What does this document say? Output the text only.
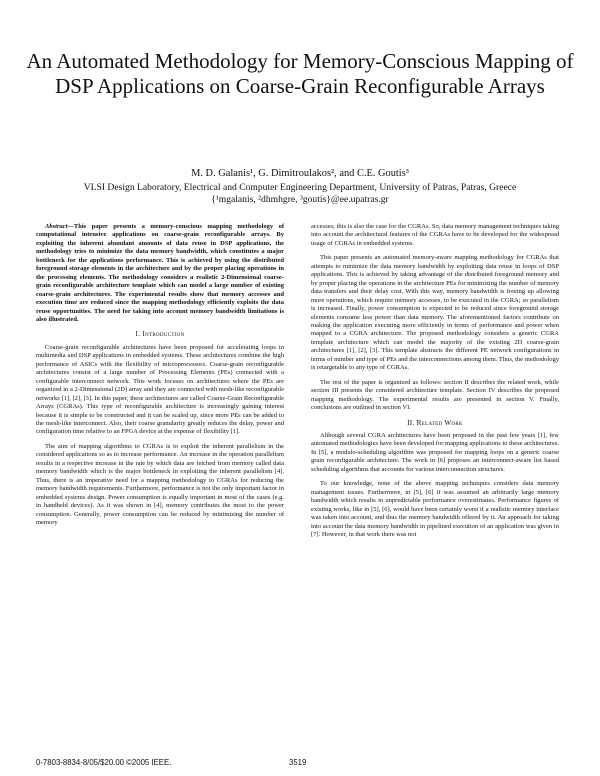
An Automated Methodology for Memory-Conscious Mapping of DSP Applications on Coarse-Grain Reconfigurable Arrays
M. D. Galanis¹, G. Dimitroulakos², and C.E. Goutis³
VLSI Design Laboratory, Electrical and Computer Engineering Department, University of Patras, Patras, Greece
{¹mgalanis, ²dhmhgre, ³goutis}@ee.upatras.gr

Abstract—This paper presents a memory-conscious mapping methodology of computational intensive applications on coarse-grain reconfigurable arrays. By exploiting the inherent abundant amounts of data reuse in DSP applications, the methodology tries to minimize the data memory bandwidth, which constitutes a major bottleneck for the applications performance. This is achieved by using the distributed foreground storage elements in the architecture and by the proper placing operations in the processing elements. The methodology considers a realistic 2-Dimensional coarse-grain reconfigurable architecture template which can model a large number of existing coarse-grain architectures. The experimental results show that memory accesses and execution time are reduced since the mapping methodology efficiently exploits the data reuse opportunities. The need for taking into account memory bandwidth limitations is also illustrated.

I. Introduction

Coarse-grain reconfigurable architectures have been proposed for accelerating loops in multimedia and DSP applications in embedded systems. These architectures combine the high performance of ASICs with the flexibility of microprocessors. Coarse-grain reconfigurable architectures consist of a large number of Processing Elements (PEs) connected with a configurable interconnect network. This work focuses on architectures where the PEs are organized in a 2-Dimensional (2D) array and they are connected with mesh-like reconfigurable networks [1], [2], [3]. In this paper, these architectures are called Coarse-Grain Reconfigurable Arrays (CGRAs). This type of reconfigurable architecture is increasingly gaining interest because it is simple to be constructed and it can be scaled up, since more PEs can be added to the mesh-like interconnect. Also, their coarse granularity greatly reduces the delay, power and configuration time relative to an FPGA device at the expense of flexibility [1].

The aim of mapping algorithms to CGRAs is to exploit the inherent parallelism in the considered applications so as to increase performance. An increase in the operation parallelism results in a respective increase in the rate by which data are fetched from memory called data memory bandwidth which is the major bottleneck in exploiting the inherent parallelism [4]. Thus, there is an imperative need for a mapping methodology to CGRAs for reducing the memory bandwidth requirements. Furthermore, performance is not the only important factor in embedded systems design. Power consumption is equally important in most of the cases (e.g. in handheld devices). As it was shown in [4], memory contributes the most to the power consumption. Generally, power consumption can be reduced by minimizing the number of memory

accesses; this is also the case for the CGRAs. So, data memory management techniques taking into account the architectural features of the CGRAs have to be developed for the widespread usage of CGRAs in embedded systems.

This paper presents an automated memory-aware mapping methodology for CGRAs that attempts to minimize the data memory bandwidth by exploiting data reuse in loops of DSP applications. This is achieved by taking advantage of the distributed foreground memory and by proper placing the operations in the architecture PEs for minimizing the number of memory data transfers and their delay cost. With this way, memory bandwidth is freeing up allowing more operations, which require memory accesses, to be executed in the CGRA; so parallelism is increased. Finally, power consumption is expected to be reduced since foreground storage elements consume less power than data memory. The aforementioned factors contribute on making the application executing more efficiently in terms of performance and power when mapped to a CGRA architecture. The proposed methodology considers a generic CGRA template architecture which can model the majority of the existing 2D coarse-grain architectures [1], [2], [3]. This template abstracts the different PE network configurations in terms of number and type of PEs and the interconnections among them. Thus, the methodology is retargetable to any type of CGRAs.

The rest of the paper is organized as follows: section II describes the related work, while section III presents the considered architecture template. Section IV describes the proposed mapping methodology. The experimental results are presented in section V. Finally, conclusions are outlined in section VI.

II. Related Work

Although several CGRA architectures have been proposed in the past few years [1], few automated methodologies have been developed for mapping applications to these architectures. In [5], a modulo-scheduling algorithm was proposed for mapping loops on a generic coarse grain reconfigurable architecture. The work in [6] proposes an interconnect-aware list based scheduling algorithms that accounts for various interconnection structures.

To our knowledge, none of the above mapping techniques considers data memory management issues. Furthermore, in [5], [6] it was assumed an arbitrarily large memory bandwidth which results in unpredictable performance overestimates. Performance figures of existing works, like in [5], [6], would have been certainly worst if a realistic memory interface was taken into account, and thus the memory bandwidth offered by it. An approach for taking into account the data memory bandwidth in pipelined execution of an application was given in [7]. However, in that work there was not

0-7803-8834-8/05/$20.00 ©2005 IEEE.	3519
